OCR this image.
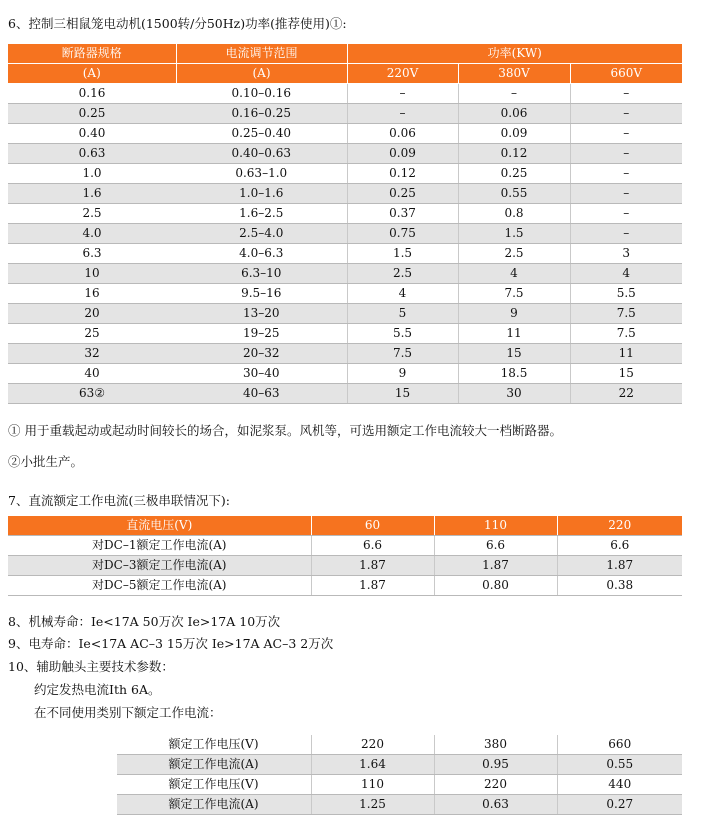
6、控制三相鼠笼电动机(1500转/分50Hz)功率(推荐使用)①:
断路器规格	电流调节范围	功率(KW)		
(A)	(A)	220V	380V	660V
0.16	0.10–0.16	–	–	–
0.25	0.16–0.25	–	0.06	–
0.40	0.25–0.40	0.06	0.09	–
0.63	0.40–0.63	0.09	0.12	–
1.0	0.63–1.0	0.12	0.25	–
1.6	1.0–1.6	0.25	0.55	–
2.5	1.6–2.5	0.37	0.8	–
4.0	2.5–4.0	0.75	1.5	–
6.3	4.0–6.3	1.5	2.5	3
10	6.3–10	2.5	4	4
16	9.5–16	4	7.5	5.5
20	13–20	5	9	7.5
25	19–25	5.5	11	7.5
32	20–32	7.5	15	11
40	30–40	9	18.5	15
63②	40–63	15	30	22
① 用于重载起动或起动时间较长的场合，如泥浆泵。风机等，可选用额定工作电流较大一档断路器。
②小批生产。
7、直流额定工作电流(三极串联情况下):
直流电压(V)	60	110	220
对DC–1额定工作电流(A)	6.6	6.6	6.6
对DC–3额定工作电流(A)	1.87	1.87	1.87
对DC–5额定工作电流(A)	1.87	0.80	0.38
8、机械寿命：Ie<17A 50万次 Ie>17A 10万次
9、电寿命：Ie<17A AC–3 15万次 Ie>17A AC–3 2万次
10、辅助触头主要技术参数：
约定发热电流Ith 6A。
在不同使用类别下额定工作电流：
AC–15	额定工作电压(V)	220	380	660
	额定工作电流(A)	1.64	0.95	0.55
DC–13	额定工作电压(V)	110	220	440
	额定工作电流(A)	1.25	0.63	0.27
